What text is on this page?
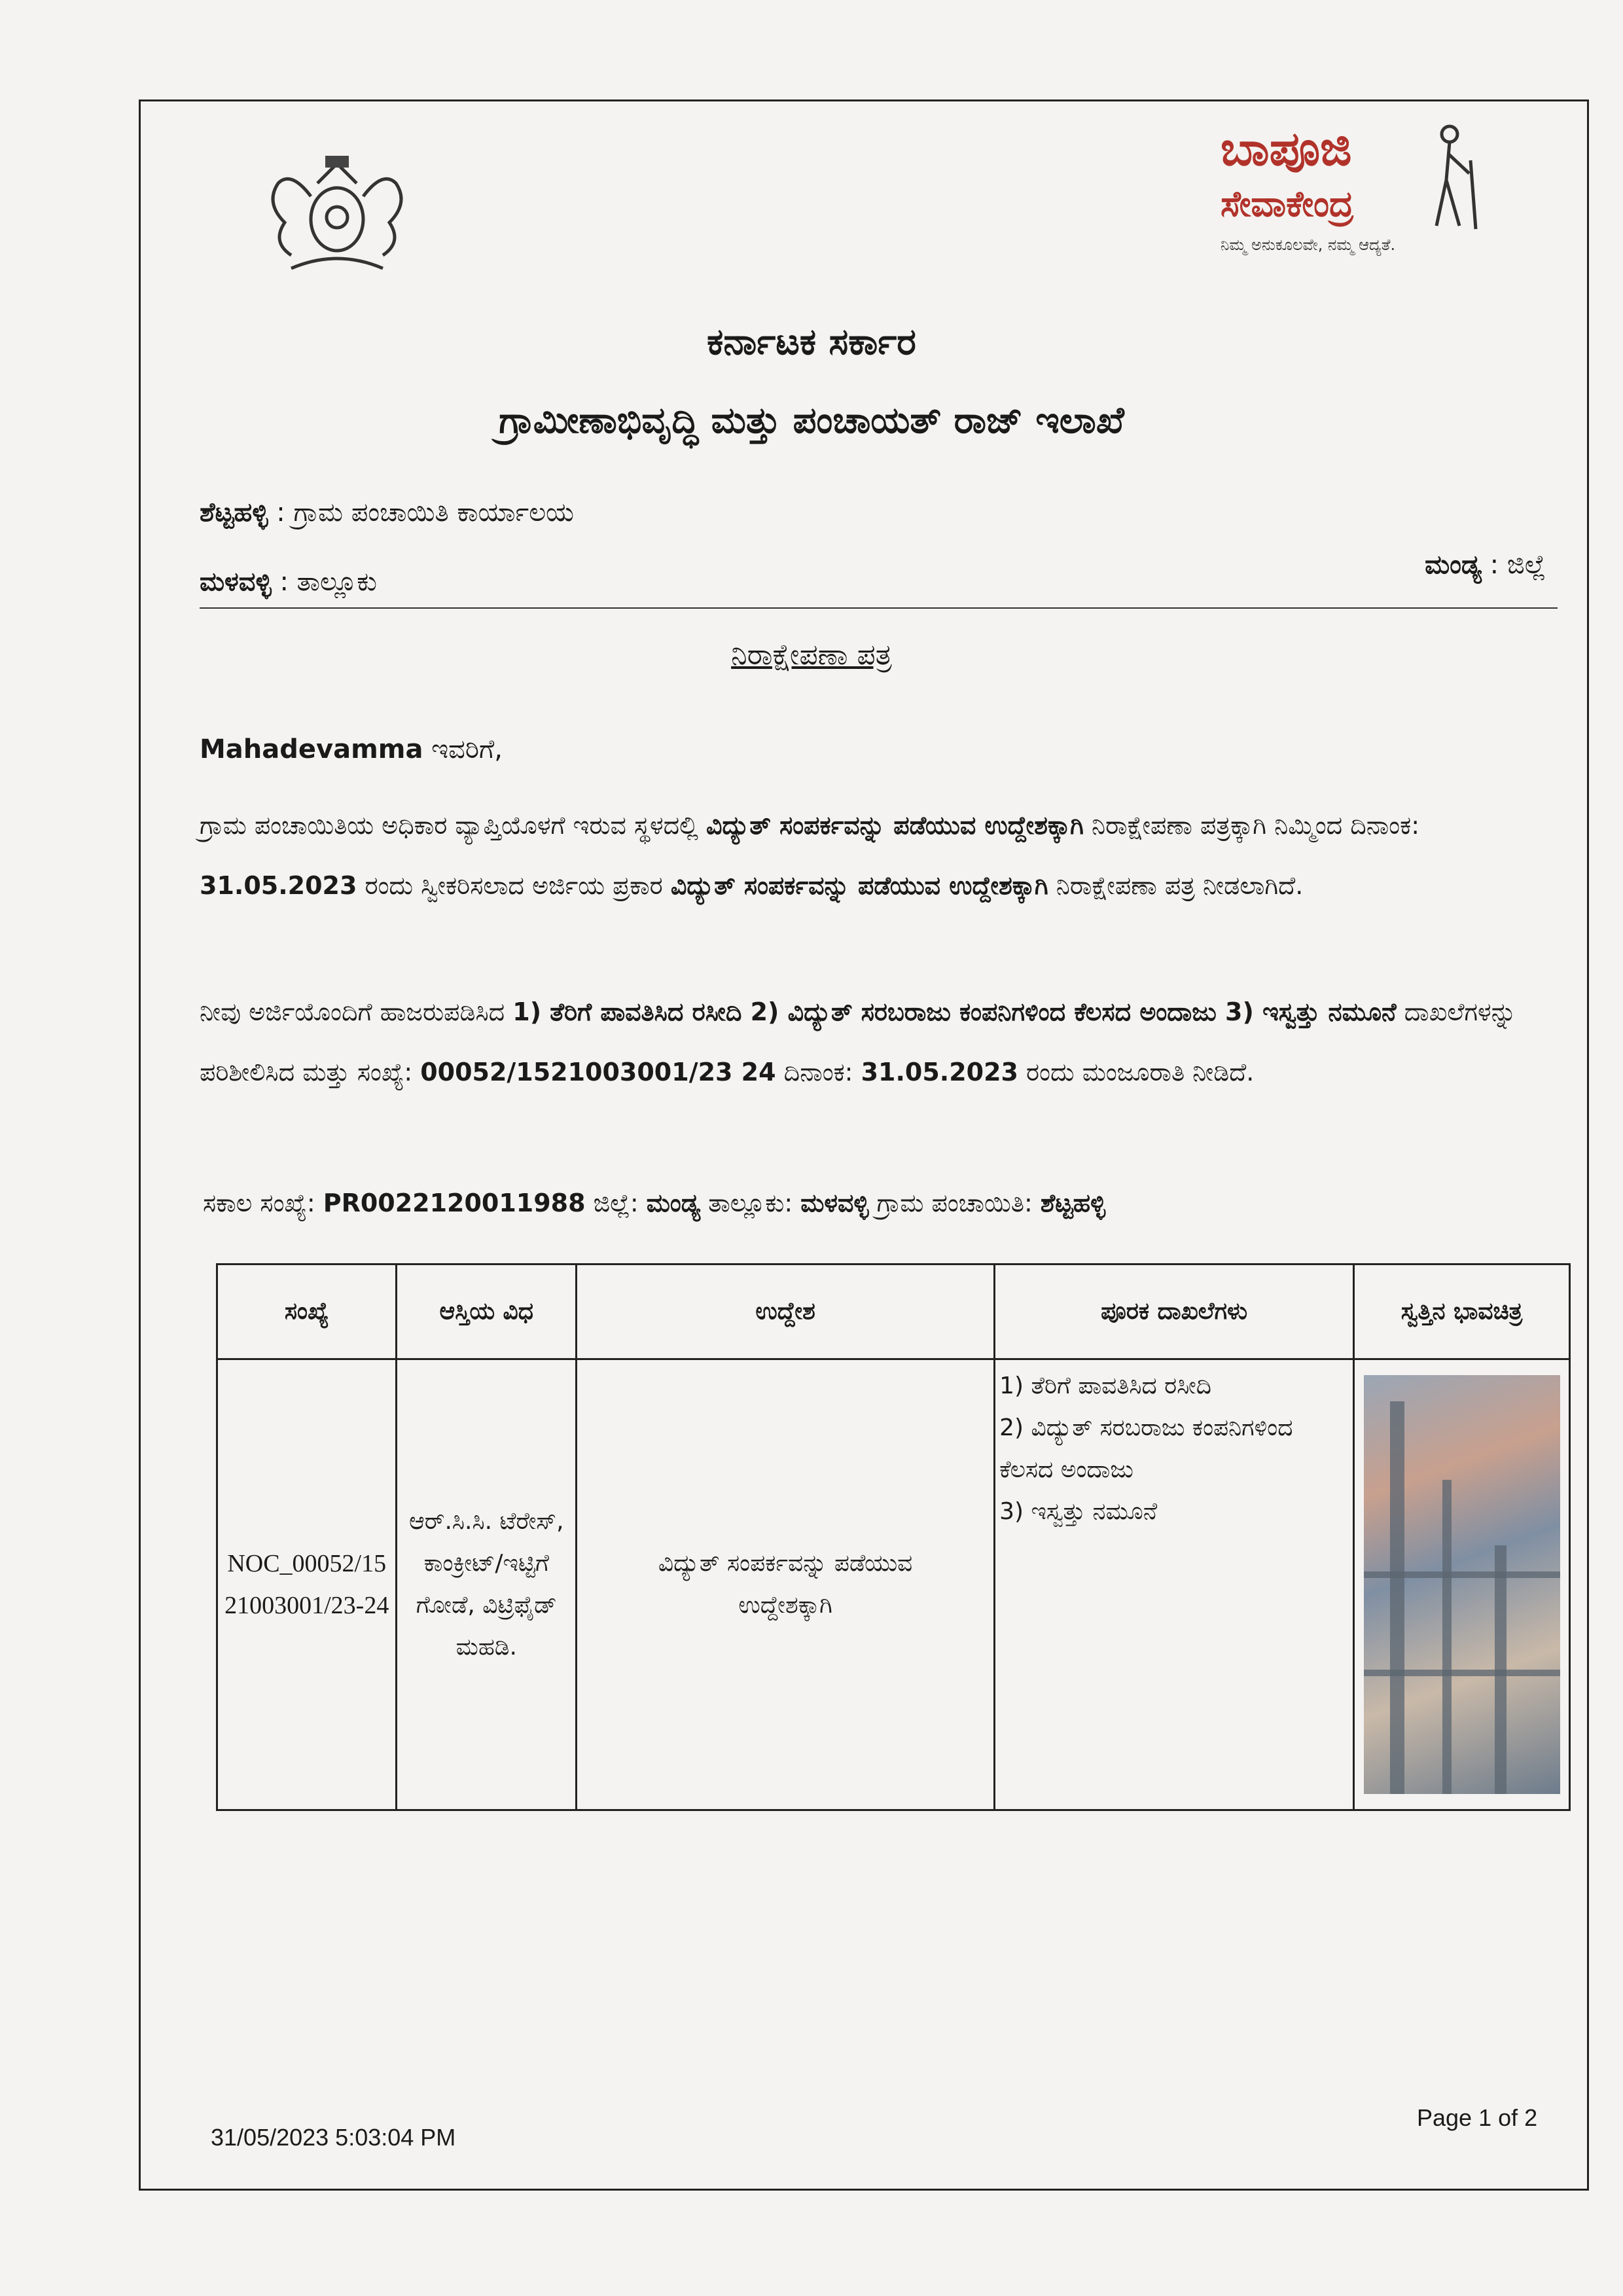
ಬಾಪೂಜಿ
ಸೇವಾಕೇಂದ್ರ
ನಿಮ್ಮ ಅನುಕೂಲವೇ, ನಮ್ಮ ಆದ್ಯತೆ.
ಕರ್ನಾಟಕ ಸರ್ಕಾರ
ಗ್ರಾಮೀಣಾಭಿವೃದ್ಧಿ ಮತ್ತು ಪಂಚಾಯತ್ ರಾಜ್ ಇಲಾಖೆ
ಶೆಟ್ಟಹಳ್ಳಿ : ಗ್ರಾಮ ಪಂಚಾಯಿತಿ ಕಾರ್ಯಾಲಯ
ಮಳವಳ್ಳಿ : ತಾಲ್ಲೂಕು
ಮಂಡ್ಯ : ಜಿಲ್ಲೆ
ನಿರಾಕ್ಷೇಪಣಾ ಪತ್ರ
Mahadevamma ಇವರಿಗೆ,
ಗ್ರಾಮ ಪಂಚಾಯಿತಿಯ ಅಧಿಕಾರ ವ್ಯಾಪ್ತಿಯೊಳಗೆ ಇರುವ ಸ್ಥಳದಲ್ಲಿ ವಿದ್ಯುತ್ ಸಂಪರ್ಕವನ್ನು ಪಡೆಯುವ ಉದ್ದೇಶಕ್ಕಾಗಿ ನಿರಾಕ್ಷೇಪಣಾ ಪತ್ರಕ್ಕಾಗಿ ನಿಮ್ಮಿಂದ ದಿನಾಂಕ: 31.05.2023 ರಂದು ಸ್ವೀಕರಿಸಲಾದ ಅರ್ಜಿಯ ಪ್ರಕಾರ ವಿದ್ಯುತ್ ಸಂಪರ್ಕವನ್ನು ಪಡೆಯುವ ಉದ್ದೇಶಕ್ಕಾಗಿ ನಿರಾಕ್ಷೇಪಣಾ ಪತ್ರ ನೀಡಲಾಗಿದೆ.
ನೀವು ಅರ್ಜಿಯೊಂದಿಗೆ ಹಾಜರುಪಡಿಸಿದ 1) ತೆರಿಗೆ ಪಾವತಿಸಿದ ರಸೀದಿ 2) ವಿದ್ಯುತ್ ಸರಬರಾಜು ಕಂಪನಿಗಳಿಂದ ಕೆಲಸದ ಅಂದಾಜು 3) ಇಸ್ವತ್ತು ನಮೂನೆ ದಾಖಲೆಗಳನ್ನು ಪರಿಶೀಲಿಸಿದ ಮತ್ತು ಸಂಖ್ಯೆ: 00052/1521003001/23 24 ದಿನಾಂಕ: 31.05.2023 ರಂದು ಮಂಜೂರಾತಿ ನೀಡಿದೆ.
ಸಕಾಲ ಸಂಖ್ಯೆ: PR0022120011988 ಜಿಲ್ಲೆ: ಮಂಡ್ಯ ತಾಲ್ಲೂಕು: ಮಳವಳ್ಳಿ ಗ್ರಾಮ ಪಂಚಾಯಿತಿ: ಶೆಟ್ಟಹಳ್ಳಿ
ಸಂಖ್ಯೆ	ಆಸ್ತಿಯ ವಿಧ	ಉದ್ದೇಶ	ಪೂರಕ ದಾಖಲೆಗಳು	ಸ್ವತ್ತಿನ ಭಾವಚಿತ್ರ
NOC_00052/1521003001/23-24	ಆರ್.ಸಿ.ಸಿ. ಟೆರೇಸ್, ಕಾಂಕ್ರೀಟ್/ಇಟ್ಟಿಗೆ ಗೋಡೆ, ವಿಟ್ರಿಫೈಡ್ ಮಹಡಿ.	ವಿದ್ಯುತ್ ಸಂಪರ್ಕವನ್ನು ಪಡೆಯುವ ಉದ್ದೇಶಕ್ಕಾಗಿ	1) ತೆರಿಗೆ ಪಾವತಿಸಿದ ರಸೀದಿ
2) ವಿದ್ಯುತ್ ಸರಬರಾಜು ಕಂಪನಿಗಳಿಂದ ಕೆಲಸದ ಅಂದಾಜು
3) ಇಸ್ವತ್ತು ನಮೂನೆ	

Page 1 of 2
31/05/2023 5:03:04 PM
